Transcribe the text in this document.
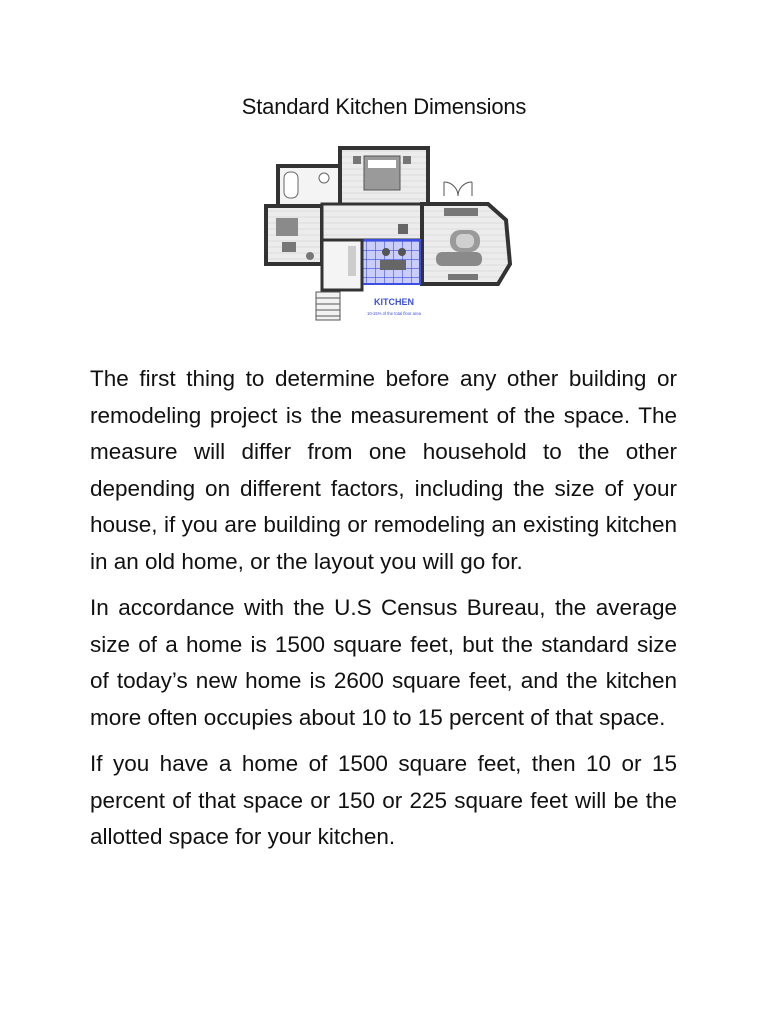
Standard Kitchen Dimensions
KITCHEN
10-15% of the total floor area

The first thing to determine before any other building or remodeling project is the measurement of the space. The measure will differ from one household to the other depending on different factors, including the size of your house, if you are building or remodeling an existing kitchen in an old home, or the layout you will go for.

In accordance with the U.S Census Bureau, the average size of a home is 1500 square feet, but the standard size of today’s new home is 2600 square feet, and the kitchen more often occupies about 10 to 15 percent of that space.

If you have a home of 1500 square feet, then 10 or 15 percent of that space or 150 or 225 square feet will be the allotted space for your kitchen.
